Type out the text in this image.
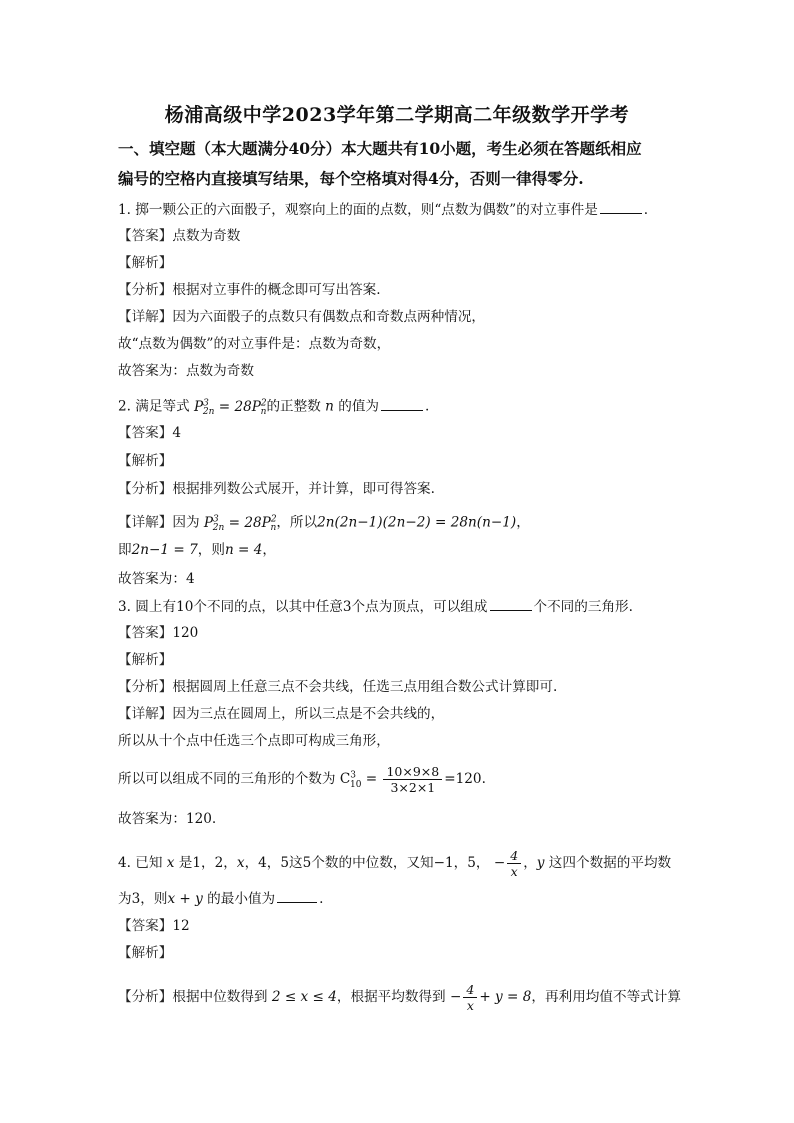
杨浦高级中学2023学年第二学期高二年级数学开学考
一、填空题（本大题满分40分）本大题共有10小题，考生必须在答题纸相应
编号的空格内直接填写结果，每个空格填对得4分，否则一律得零分.
1. 掷一颗公正的六面骰子，观察向上的面的点数，则“点数为偶数”的对立事件是	.
【答案】点数为奇数
【解析】
【分析】根据对立事件的概念即可写出答案.
【详解】因为六面骰子的点数只有偶数点和奇数点两种情况，
故“点数为偶数”的对立事件是：点数为奇数，
故答案为：点数为奇数
2. 满足等式 $P^3_{2n} = 28P^2_n$的正整数 n 的值为	.
【答案】4
【解析】
【分析】根据排列数公式展开，并计算，即可得答案.
【详解】因为 $P^3_{2n} = 28P^2_n$，所以2n(2n−1)(2n−2) = 28n(n−1)，
即2n−1 = 7，则n = 4，
故答案为：4
3. 圆上有10个不同的点，以其中任意3个点为顶点，可以组成	个不同的三角形.
【答案】120
【解析】
【分析】根据圆周上任意三点不会共线，任选三点用组合数公式计算即可.
【详解】因为三点在圆周上，所以三点是不会共线的，
所以从十个点中任选三个点即可构成三角形，
所以可以组成不同的三角形的个数为 $C^3_{10} = \frac{10\times 9\times 8}{3\times 2\times 1} =120$.
故答案为：120.
4. 已知 x 是1，2，x，4，5这5个数的中位数，又知−1，5， − $\frac{4}{x}$ ，y 这四个数据的平均数
为3，则x + y 的最小值为	.
【答案】12
【解析】
【分析】根据中位数得到 2 ≤ x ≤ 4，根据平均数得到 − $\frac{4}{x} + y = 8$，再利用均值不等式计算
